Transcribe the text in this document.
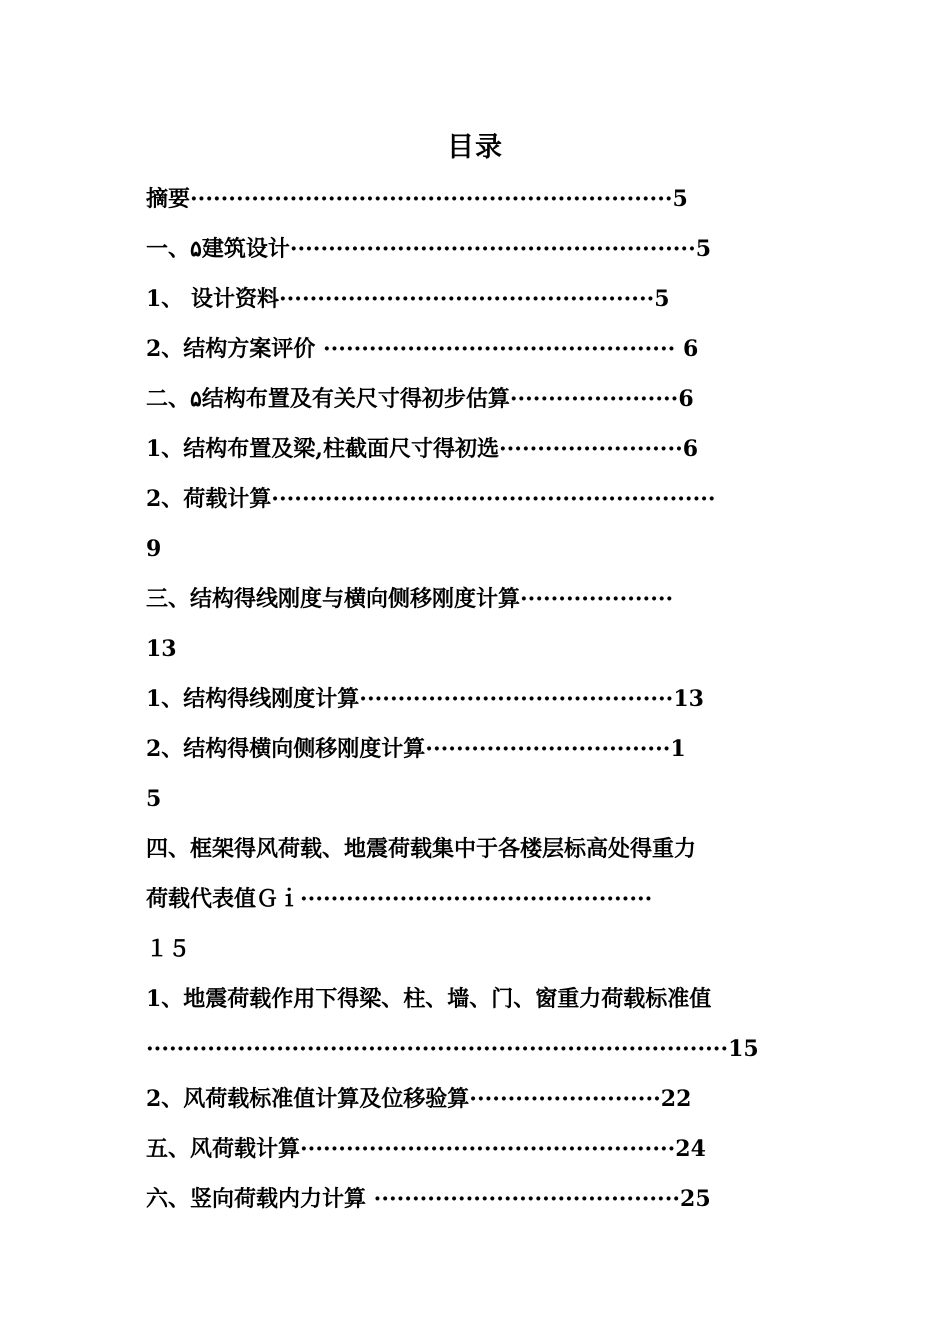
目录
摘要·······························································5
一、۵建筑设计·····················································5
1、 设计资料·················································5
2、结构方案评价 ·············································· 6
二、۵结构布置及有关尺寸得初步估算······················6
1、结构布置及梁,柱截面尺寸得初选························6
2、荷载计算··························································
9
三、结构得线刚度与横向侧移刚度计算····················
13
1、结构得线刚度计算·········································13
2、结构得横向侧移刚度计算································1
5
四、框架得风荷载、地震荷载集中于各楼层标高处得重力
荷载代表值Ｇｉ··············································
１５
1、地震荷载作用下得梁、柱、墙、门、窗重力荷载标准值
············································································15
2、风荷载标准值计算及位移验算·························22
五、风荷载计算·················································24
六、竖向荷载内力计算 ········································25
